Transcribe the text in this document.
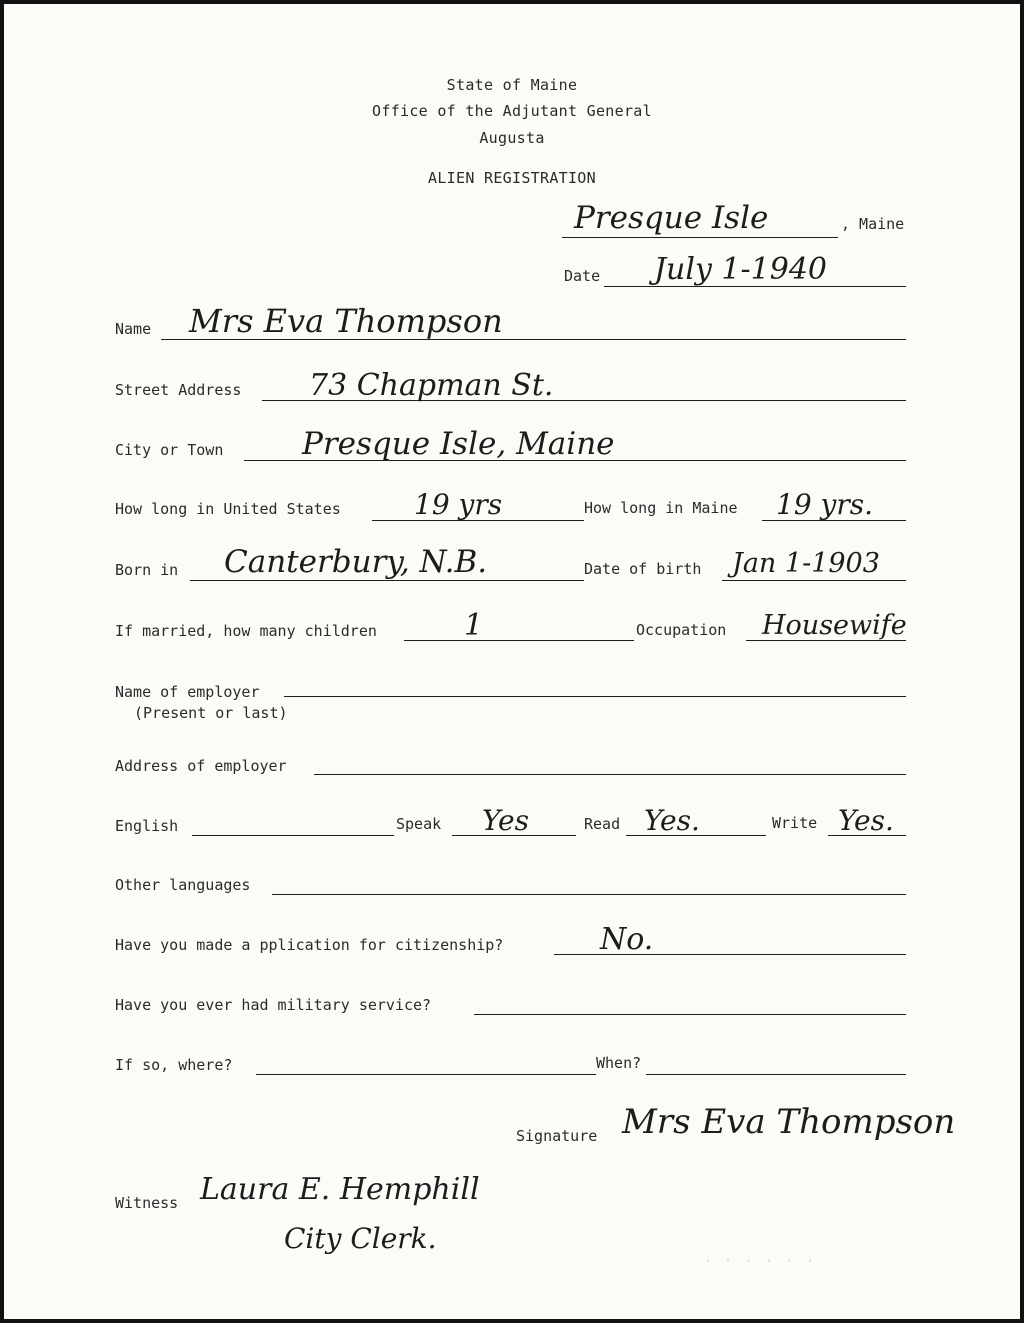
State of Maine
Office of the Adjutant General
Augusta
ALIEN REGISTRATION
Presque Isle	, Maine
Date July 1-1940
Name Mrs Eva Thompson
Street Address 73 Chapman St.
City or Town	Presque Isle, Maine
How long in United States	19 yrs	How long in Maine 19 yrs.
Born in Canterbury, N.B.	Date of birth Jan 1-1903
If married, how many children	1	Occupation Housewife
Name of employer
(Present or last)
Address of employer
English	Speak Yes	Read Yes.	Write Yes.
Other languages
Have you made a pplication for citizenship?	No.
Have you ever had military service?
If so, where?	When?
Signature Mrs Eva Thompson
Witness Laura E. Hemphill
City Clerk.
· · · · · ·
